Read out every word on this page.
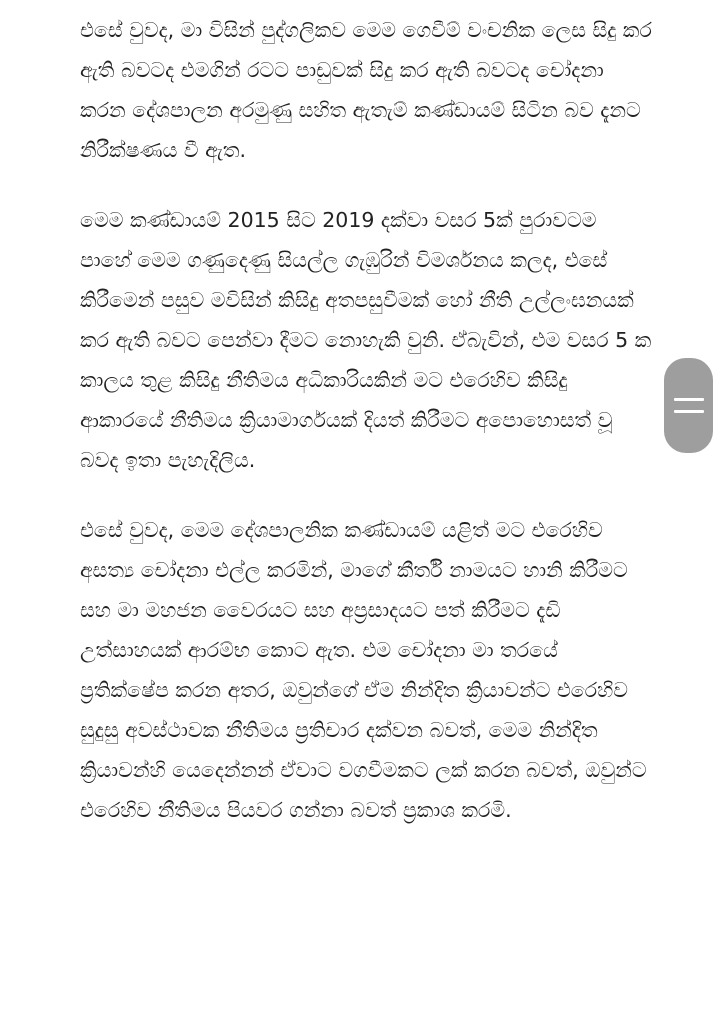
එසේ වුවද, මා විසින් පුද්ගලිකව මෙම ගෙවීම් වංචනික ලෙස සිදු කර ඇති බවටද එමගින් රටට පාඩුවක් සිදු කර ඇති බවටද චෝදනා කරන දේශපාලන අරමුණු සහිත ඇතැම් කණ්ඩායම් සිටින බව දැනට නිරීක්ෂණය වී ඇත.

මෙම කණ්ඩායම් 2015 සිට 2019 දක්වා වසර 5ක් පුරාවටම පාහේ මෙම ගණුදෙණු සියල්ල ගැඹුරින් විමර්ශනය කලද, එසේ කිරීමෙන් පසුව මවිසින් කිසිදු අතපසුවීමක් හෝ නීති උල්ලංඝනයක් කර ඇති බවට පෙන්වා දීමට නොහැකි වුනි. ඒබැවින්, එම වසර 5 ක කාලය තුළ කිසිදු නීතිමය අධිකාරියකින් මට එරෙහිව කිසිදු ආකාරයේ නීතිමය ක්‍රියාමාර්ගයක් දියත් කිරීමට අපොහොසත් වූ බවද ඉතා පැහැදිලිය.

එසේ වුවද, මෙම දේශපාලනික කණ්ඩායම් යළිත් මට එරෙහිව අසත්‍ය චෝදනා එල්ල කරමින්, මාගේ කීර්ති නාමයට හානි කිරීමට සහ මා මහජන වෛරයට සහ අප්‍රසාදයට පත් කිරීමට දැඩි උත්සාහයක් ආරම්භ කොට ඇත. එම චෝදනා මා තරයේ ප්‍රතික්ෂේප කරන අතර, ඔවුන්ගේ ඒම නින්දිත ක්‍රියාවන්ට එරෙහිව සුදුසු අවස්ථාවක නීතිමය ප්‍රතිචාර දක්වන බවත්, මෙම නින්දිත ක්‍රියාවන්හි යෙදෙන්නන් ඒවාට වගවීමකට ලක් කරන බවත්, ඔවුන්ට එරෙහිව නීතිමය පියවර ගන්නා බවත් ප්‍රකාශ කරමි.
